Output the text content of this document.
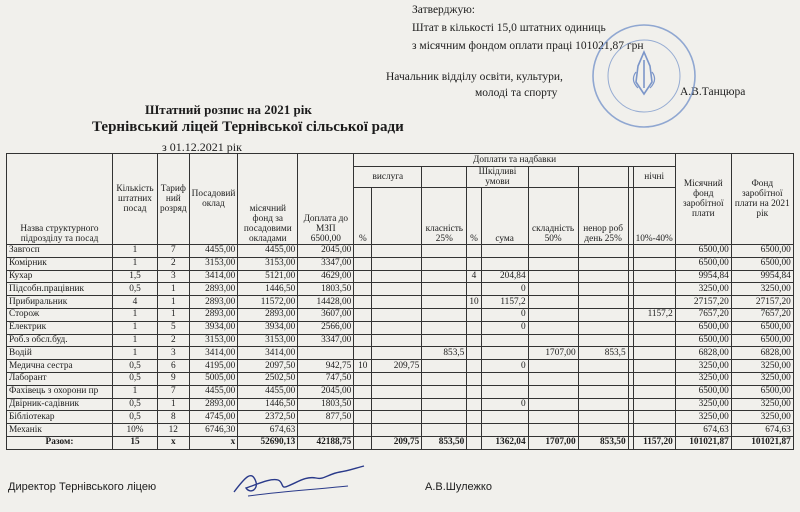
Затверджую:
Штат в кількості 15,0 штатних одиниць
з місячним фондом оплати праці 101021,87 грн
Начальник відділу освіти, культури,
молоді та спорту	А.В.Танцюра
Штатний розпис на 2021 рік
Тернівський ліцей Тернівської сільської ради
з 01.12.2021 рік
Назва структурного підрозділу та посад	Кількість штатних посад	Тариф ний розряд	Посадовий оклад	місячний фонд за посадовими окладами	Доплата до МЗП 6500,00	Доплати та надбавки									Місячний фонд заробітної плати	Фонд заробітної плати на 2021 рік
						вислуга			Шкідливі умови					нічні		
						%		класність 25%	%	сума	складність 50%	ненор роб день 25%		10%-40%		
Завгосп	1	7	4455,00	4455,00	2045,00										6500,00	6500,00
Комірник	1	2	3153,00	3153,00	3347,00										6500,00	6500,00
Кухар	1,5	3	3414,00	5121,00	4629,00				4	204,84					9954,84	9954,84
Підсобн.працівник	0,5	1	2893,00	1446,50	1803,50					0					3250,00	3250,00
Прибиральник	4	1	2893,00	11572,00	14428,00				10	1157,2					27157,20	27157,20
Сторож	1	1	2893,00	2893,00	3607,00					0				1157,2	7657,20	7657,20
Електрик	1	5	3934,00	3934,00	2566,00					0					6500,00	6500,00
Роб.з обсл.буд.	1	2	3153,00	3153,00	3347,00										6500,00	6500,00
Водій	1	3	3414,00	3414,00				853,5			1707,00	853,5			6828,00	6828,00
Медична сестра	0,5	6	4195,00	2097,50	942,75	10	209,75			0					3250,00	3250,00
Лаборант	0,5	9	5005,00	2502,50	747,50										3250,00	3250,00
Фахівець з охорони пр	1	7	4455,00	4455,00	2045,00										6500,00	6500,00
Двірник-садівник	0,5	1	2893,00	1446,50	1803,50					0					3250,00	3250,00
Бібліотекар	0,5	8	4745,00	2372,50	877,50										3250,00	3250,00
Механік	10%	12	6746,30	674,63											674,63	674,63
Разом:	15	х	х	52690,13	42188,75		209,75	853,50		1362,04	1707,00	853,50		1157,20	101021,87	101021,87
Директор Тернівського ліцею	А.В.Шулежко
